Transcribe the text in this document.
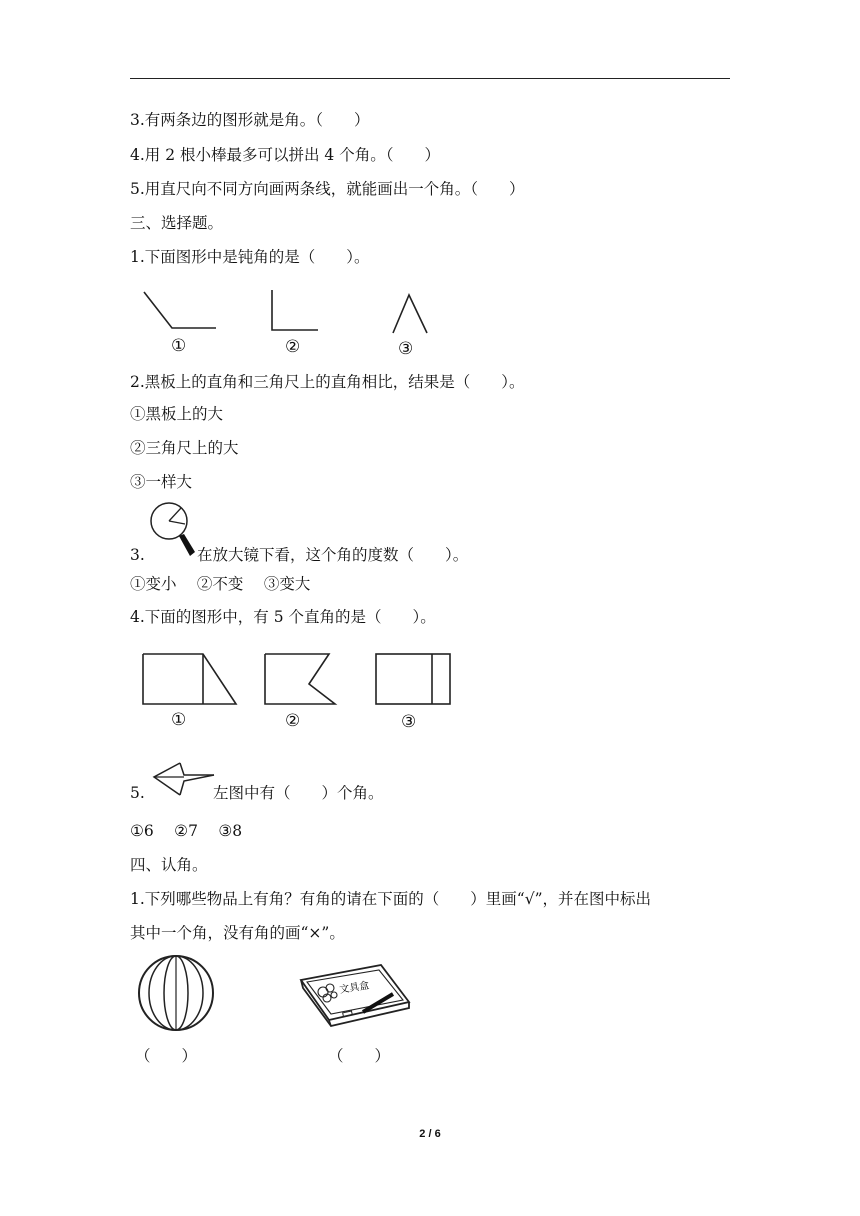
3.有两条边的图形就是角。（　　）
4.用 2 根小棒最多可以拼出 4 个角。（　　）
5.用直尺向不同方向画两条线，就能画出一个角。（　　）
三、选择题。
1.下面图形中是钝角的是（　　）。
①	②	③
2.黑板上的直角和三角尺上的直角相比，结果是（　　）。
①黑板上的大
②三角尺上的大
③一样大
3.	在放大镜下看，这个角的度数（　　）。
①变小　 ②不变　 ③变大
4.下面的图形中，有 5 个直角的是（　　）。
①	②	③
5.	左图中有（　　）个角。
①6　 ②7　 ③8
四、认角。
1.下列哪些物品上有角？有角的请在下面的（　　）里画“√”，并在图中标出
其中一个角，没有角的画“×”。
文具盒
（　　）	（　　）
2 / 6
